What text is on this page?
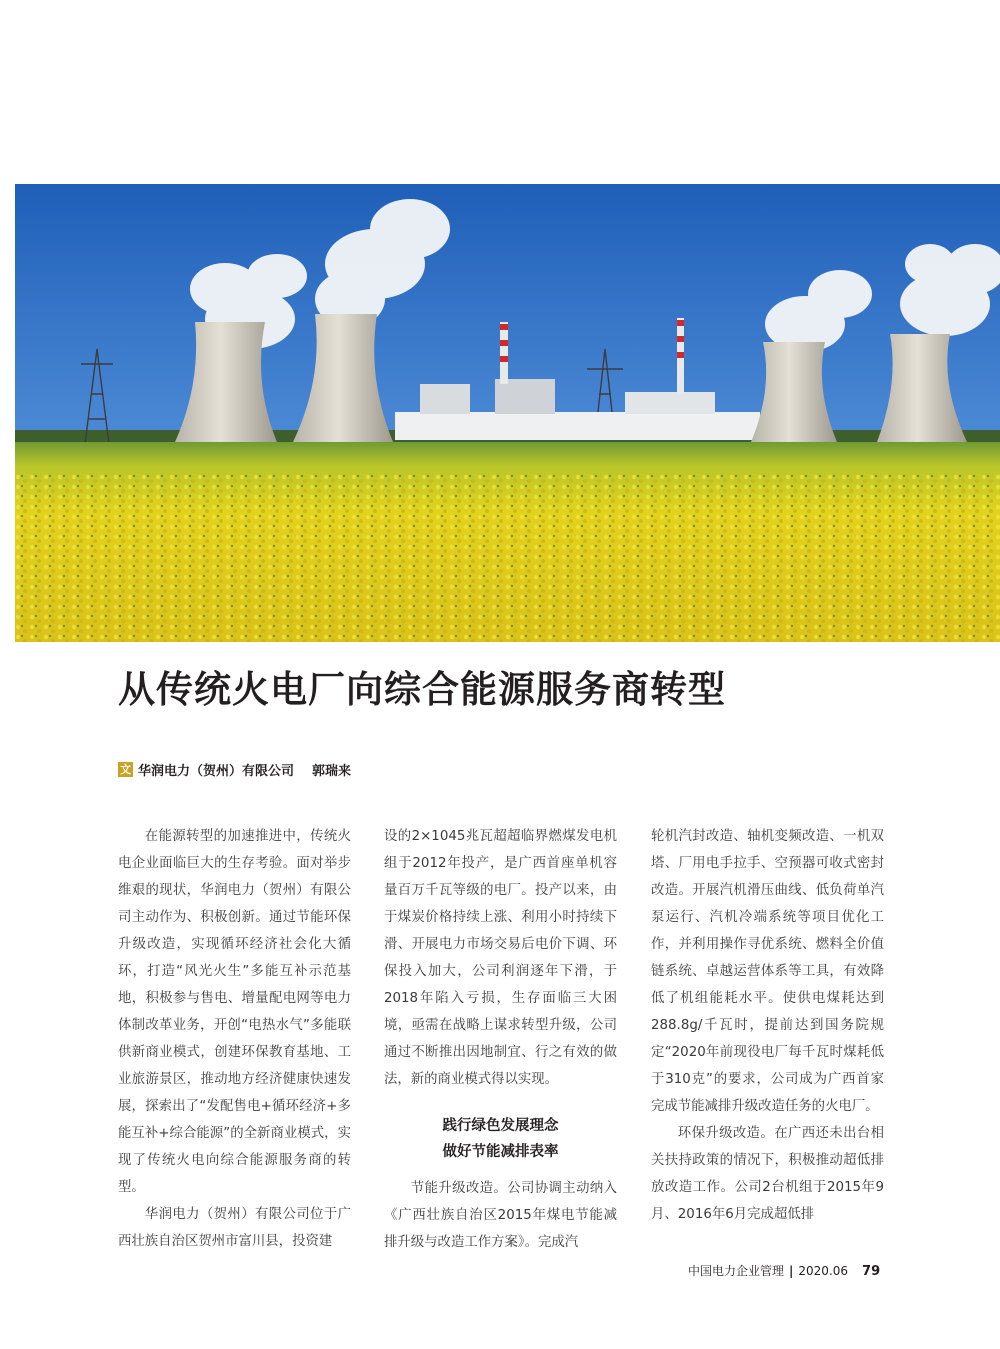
从传统火电厂向综合能源服务商转型
文 华润电力（贺州）有限公司 郭瑞来

在能源转型的加速推进中，传统火电企业面临巨大的生存考验。面对举步维艰的现状，华润电力（贺州）有限公司主动作为、积极创新。通过节能环保升级改造，实现循环经济社会化大循环，打造“风光火生”多能互补示范基地，积极参与售电、增量配电网等电力体制改革业务，开创“电热水气”多能联供新商业模式，创建环保教育基地、工业旅游景区，推动地方经济健康快速发展，探索出了“发配售电+循环经济+多能互补+综合能源”的全新商业模式，实现了传统火电向综合能源服务商的转型。

华润电力（贺州）有限公司位于广西壮族自治区贺州市富川县，投资建

设的2×1045兆瓦超超临界燃煤发电机组于2012年投产，是广西首座单机容量百万千瓦等级的电厂。投产以来，由于煤炭价格持续上涨、利用小时持续下滑、开展电力市场交易后电价下调、环保投入加大，公司利润逐年下滑，于2018年陷入亏损，生存面临三大困境，亟需在战略上谋求转型升级，公司通过不断推出因地制宜、行之有效的做法，新的商业模式得以实现。

践行绿色发展理念
做好节能减排表率

节能升级改造。公司协调主动纳入《广西壮族自治区2015年煤电节能减排升级与改造工作方案》。完成汽

轮机汽封改造、轴机变频改造、一机双塔、厂用电手拉手、空预器可收式密封改造。开展汽机滑压曲线、低负荷单汽泵运行、汽机冷端系统等项目优化工作，并利用操作寻优系统、燃料全价值链系统、卓越运营体系等工具，有效降低了机组能耗水平。使供电煤耗达到288.8g/千瓦时，提前达到国务院规定“2020年前现役电厂每千瓦时煤耗低于310克”的要求，公司成为广西首家完成节能减排升级改造任务的火电厂。

环保升级改造。在广西还未出台相关扶持政策的情况下，积极推动超低排放改造工作。公司2台机组于2015年9月、2016年6月完成超低排

中国电力企业管理 | 2020.06 79
